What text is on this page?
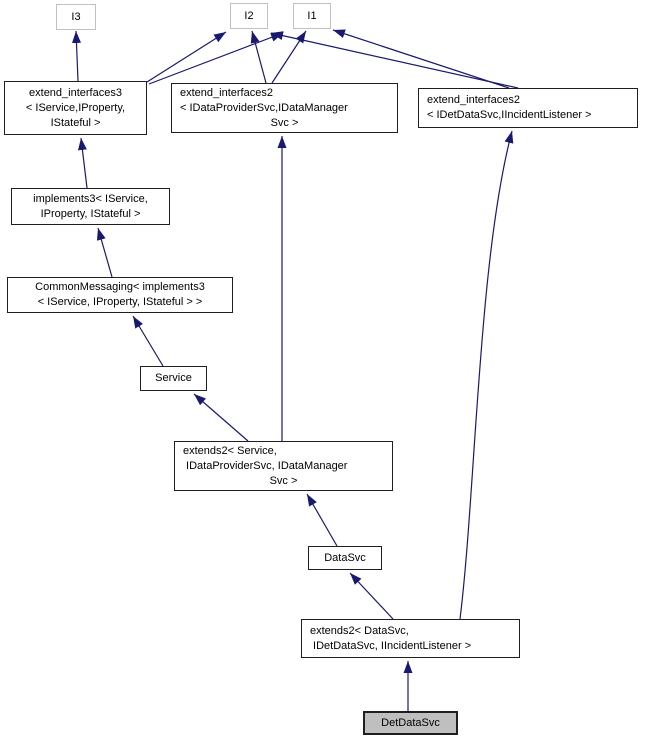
I3	I2	I1
extend_interfaces3
< IService,IProperty,
IStateful >
extend_interfaces2
< IDataProviderSvc,IDataManager
Svc >
extend_interfaces2
< IDetDataSvc,IIncidentListener >
implements3< IService,
IProperty, IStateful >
CommonMessaging< implements3
< IService, IProperty, IStateful > >
Service
extends2< Service,
IDataProviderSvc, IDataManager
Svc >
DataSvc
extends2< DataSvc,
IDetDataSvc, IIncidentListener >
DetDataSvc
